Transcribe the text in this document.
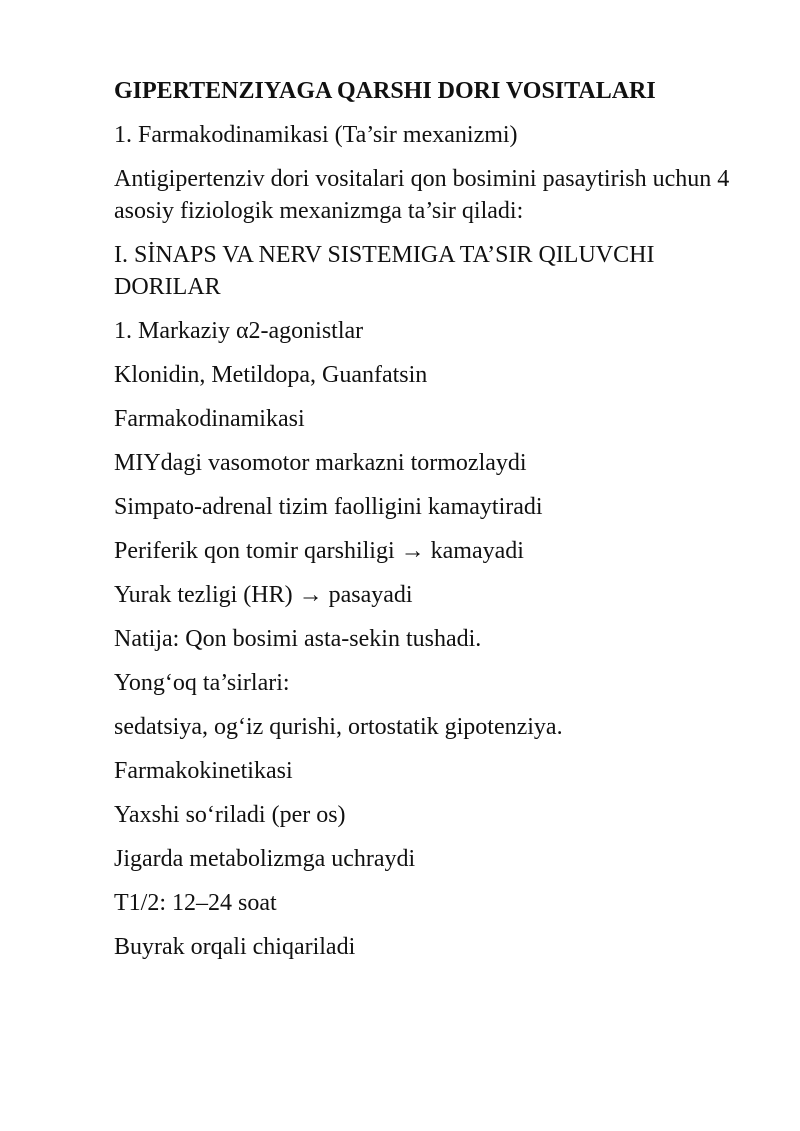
GIPERTENZIYAGA QARSHI DORI VOSITALARI

1. Farmakodinamikasi (Ta’sir mexanizmi)

Antigipertenziv dori vositalari qon bosimini pasaytirish uchun 4 asosiy fiziologik mexanizmga ta’sir qiladi:

I. SİNAPS VA NERV SISTEMIGA TA’SIR QILUVCHI DORILAR

1. Markaziy α2-agonistlar

Klonidin, Metildopa, Guanfatsin

Farmakodinamikasi

MIYdagi vasomotor markazni tormozlaydi

Simpato-adrenal tizim faolligini kamaytiradi

Periferik qon tomir qarshiligi → kamayadi

Yurak tezligi (HR) → pasayadi

Natija: Qon bosimi asta-sekin tushadi.

Yong‘oq ta’sirlari:

sedatsiya, og‘iz qurishi, ortostatik gipotenziya.

Farmakokinetikasi

Yaxshi so‘riladi (per os)

Jigarda metabolizmga uchraydi

T1/2: 12–24 soat

Buyrak orqali chiqariladi
